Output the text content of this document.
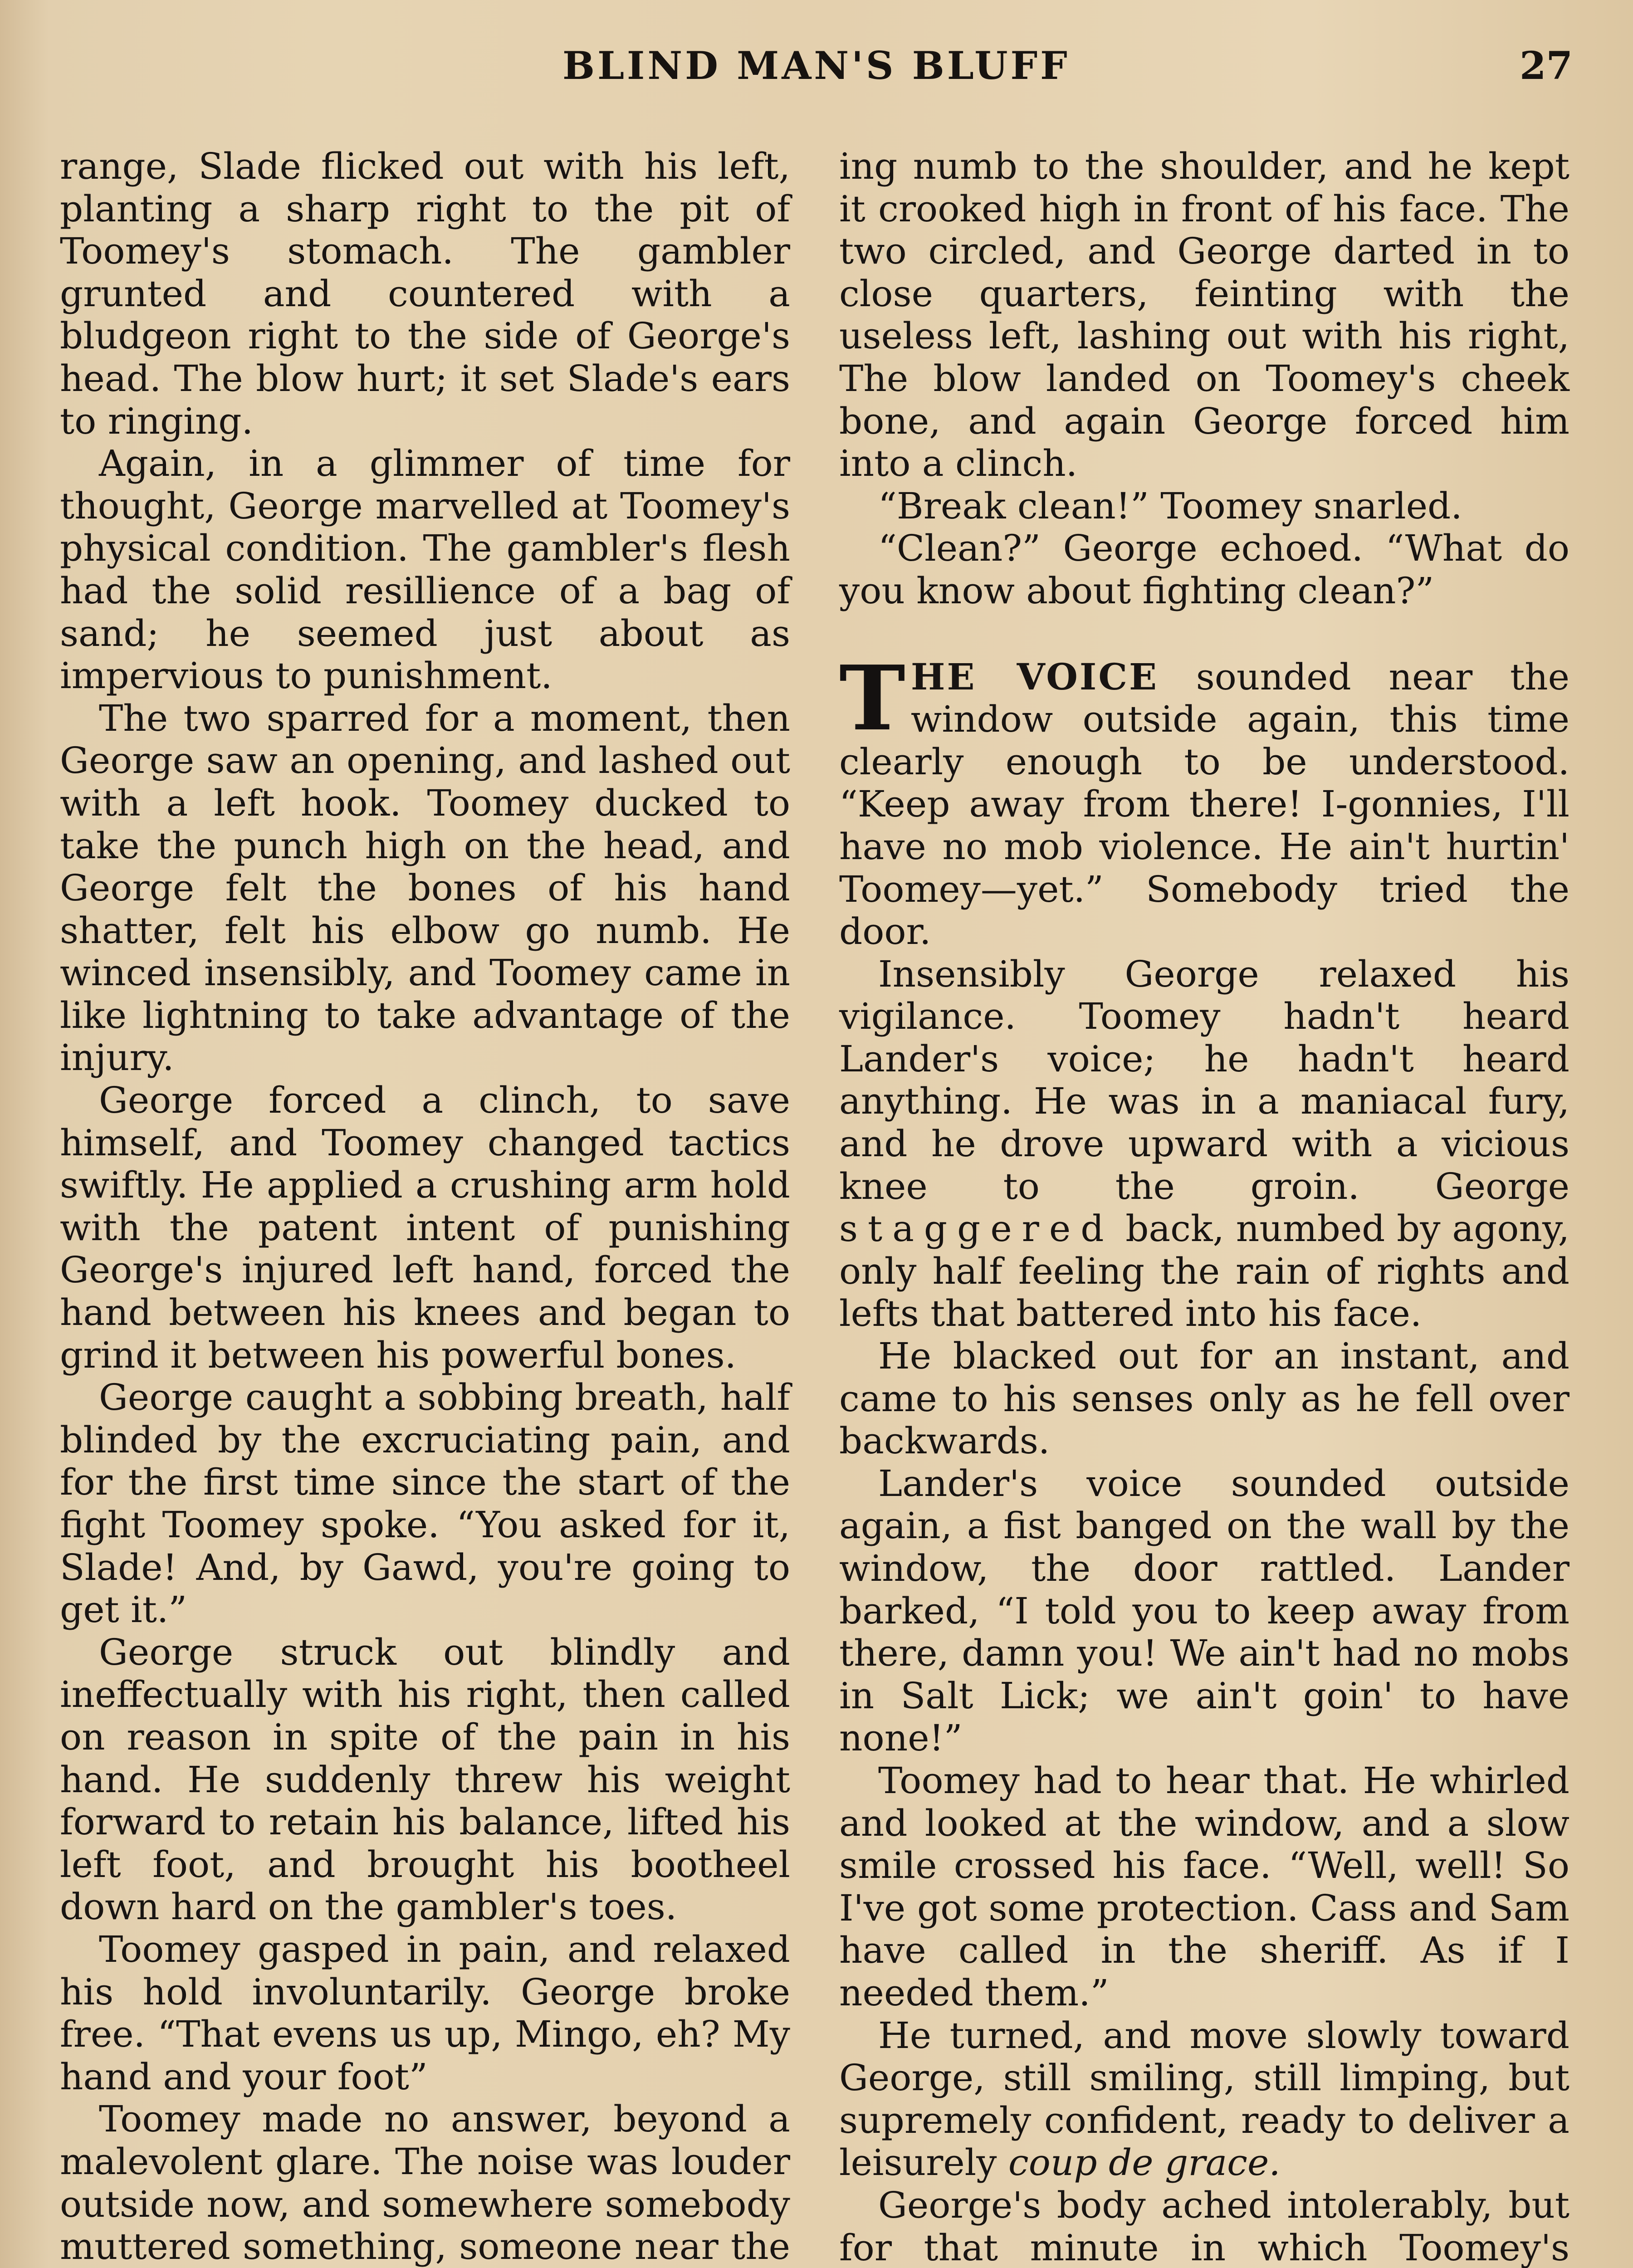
BLIND MAN'S BLUFF	27

range, Slade flicked out with his left, planting a sharp right to the pit of Toomey's stomach. The gambler grunted and countered with a bludgeon right to the side of George's head. The blow hurt; it set Slade's ears to ringing.

Again, in a glimmer of time for thought, George marvelled at Toomey's physical condition. The gambler's flesh had the solid resillience of a bag of sand; he seemed just about as impervious to punishment.

The two sparred for a moment, then George saw an opening, and lashed out with a left hook. Toomey ducked to take the punch high on the head, and George felt the bones of his hand shatter, felt his elbow go numb. He winced insensibly, and Toomey came in like lightning to take advantage of the injury.

George forced a clinch, to save himself, and Toomey changed tactics swiftly. He applied a crushing arm hold with the patent intent of punishing George's injured left hand, forced the hand between his knees and began to grind it between his powerful bones.

George caught a sobbing breath, half blinded by the excruciating pain, and for the first time since the start of the fight Toomey spoke. “You asked for it, Slade! And, by Gawd, you're going to get it.”

George struck out blindly and ineffectually with his right, then called on reason in spite of the pain in his hand. He suddenly threw his weight forward to retain his balance, lifted his left foot, and brought his bootheel down hard on the gambler's toes.

Toomey gasped in pain, and relaxed his hold involuntarily. George broke free. “That evens us up, Mingo, eh? My hand and your foot”

Toomey made no answer, beyond a malevolent glare. The noise was louder outside now, and somewhere somebody muttered something, someone near the

ing numb to the shoulder, and he kept it crooked high in front of his face. The two circled, and George darted in to close quarters, feinting with the useless left, lashing out with his right, The blow landed on Toomey's cheek bone, and again George forced him into a clinch.

“Break clean!” Toomey snarled.

“Clean?” George echoed. “What do you know about fighting clean?”

THE VOICE sounded near the window outside again, this time clearly enough to be understood. “Keep away from there! I-gonnies, I'll have no mob violence. He ain't hurtin' Toomey—yet.” Somebody tried the door.

Insensibly George relaxed his vigilance. Toomey hadn't heard Lander's voice; he hadn't heard anything. He was in a maniacal fury, and he drove upward with a vicious knee to the groin. George staggered back, numbed by agony, only half feeling the rain of rights and lefts that battered into his face.

He blacked out for an instant, and came to his senses only as he fell over backwards.

Lander's voice sounded outside again, a fist banged on the wall by the window, the door rattled. Lander barked, “I told you to keep away from there, damn you! We ain't had no mobs in Salt Lick; we ain't goin' to have none!”

Toomey had to hear that. He whirled and looked at the window, and a slow smile crossed his face. “Well, well! So I've got some protection. Cass and Sam have called in the sheriff. As if I needed them.”

He turned, and move slowly toward George, still smiling, still limping, but supremely confident, ready to deliver a leisurely coup de grace.

George's body ached intolerably, but for that minute in which Toomey's
